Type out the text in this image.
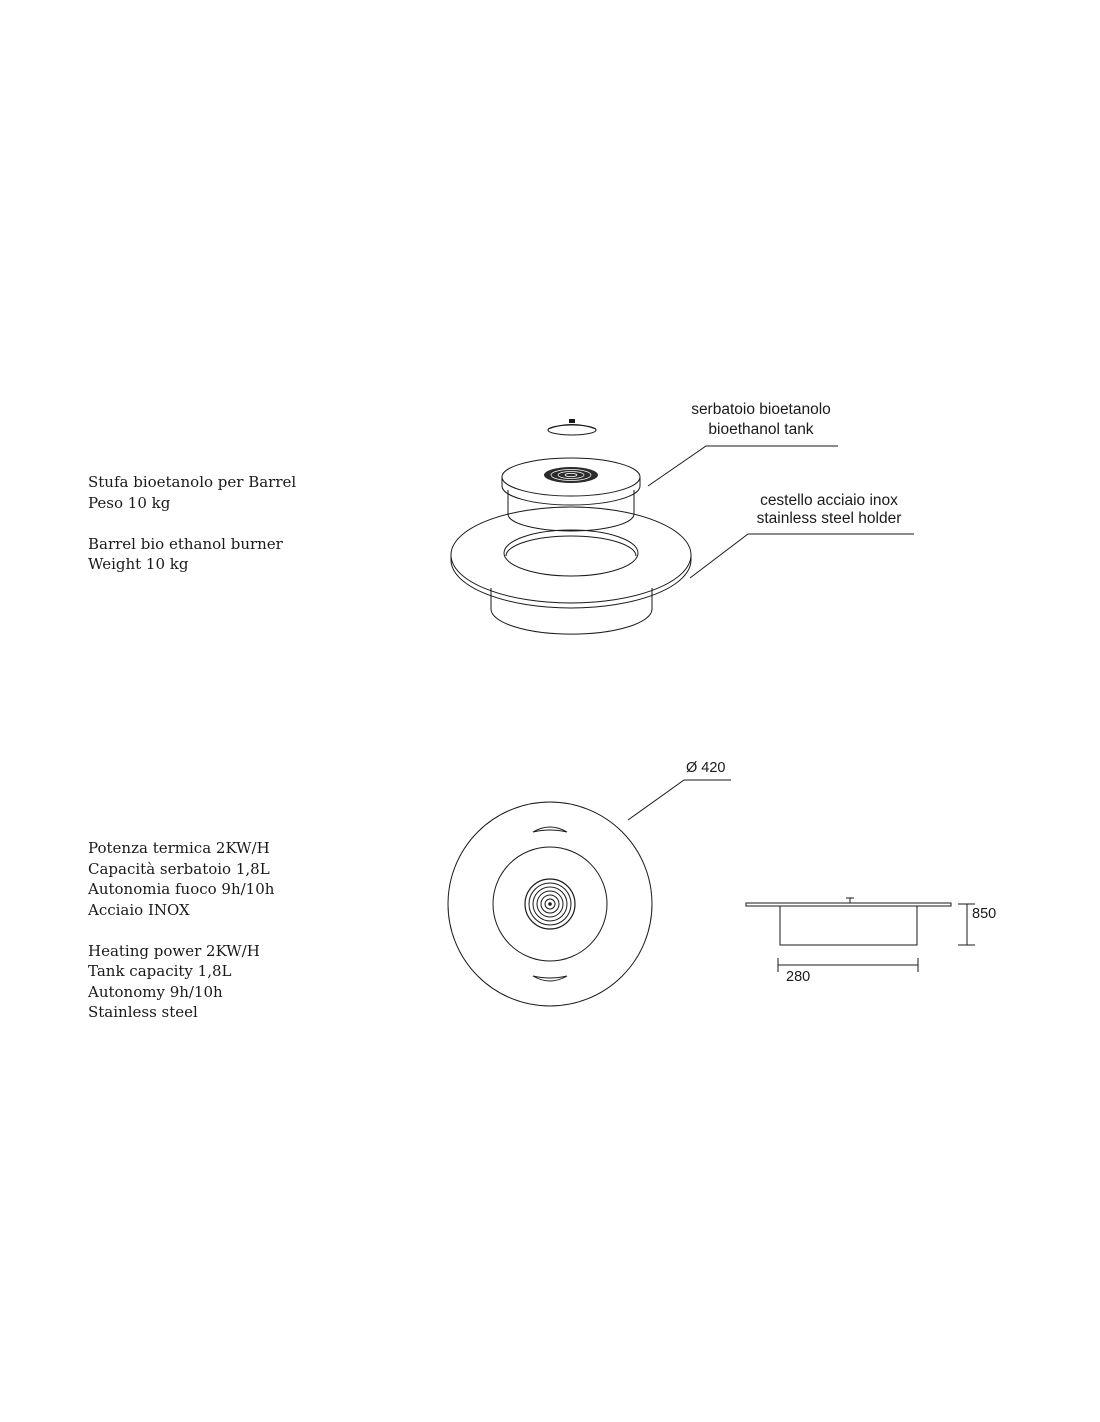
Stufa bioetanolo per Barrel
Peso 10 kg
Barrel bio ethanol burner
Weight 10 kg
Potenza termica 2KW/H
Capacità serbatoio 1,8L
Autonomia fuoco 9h/10h
Acciaio INOX
Heating power 2KW/H
Tank capacity 1,8L
Autonomy 9h/10h
Stainless steel
serbatoio bioetanolo
bioethanol tank
cestello acciaio inox
stainless steel holder
Ø 420
850
280
